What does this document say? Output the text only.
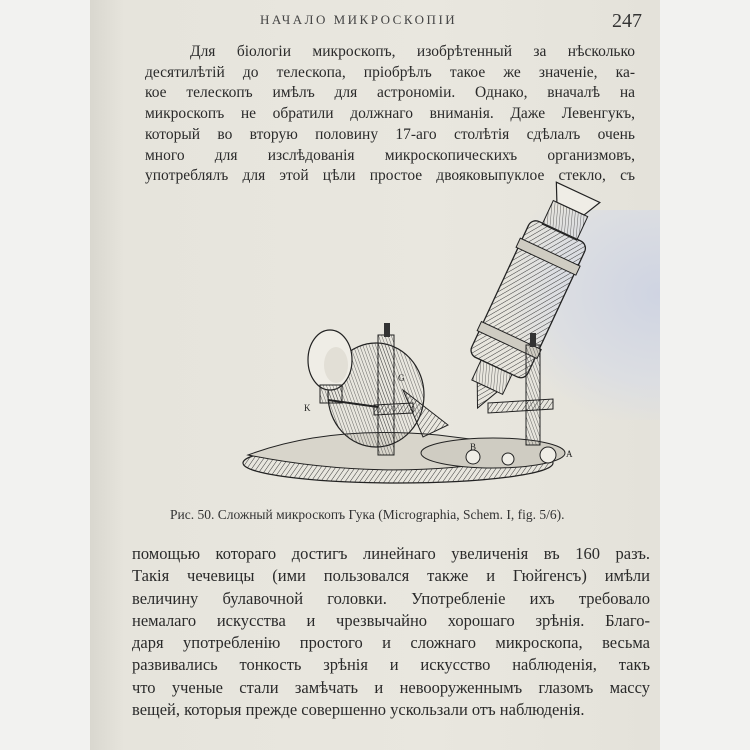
НАЧАЛО МИКРОСКОПІИ	247

Для біологіи микроскопъ, изобрѣтенный за нѣсколько
десятилѣтій до телескопа, пріобрѣлъ такое же значеніе, ка-
кое телескопъ имѣлъ для астрономіи. Однако, вначалѣ на
микроскопъ не обратили должнаго вниманія. Даже Левенгукъ,
который во вторую половину 17-аго столѣтія сдѣлалъ очень
много для изслѣдованія микроскопическихъ организмовъ,
употреблялъ для этой цѣли простое двояковыпуклое стекло, съ

K
G
B
A
Рис. 50. Сложный микроскопъ Гука (Micrographia, Schem. I, fig. 5/6).

помощью котораго достигъ линейнаго увеличенія въ 160 разъ.
Такія чечевицы (ими пользовался также и Гюйгенсъ) имѣли
величину булавочной головки. Употребленіе ихъ требовало
немалаго искусства и чрезвычайно хорошаго зрѣнія. Благо-
даря употребленію простого и сложнаго микроскопа, весьма
развивались тонкость зрѣнія и искусство наблюденія, такъ
что ученые стали замѣчать и невооруженнымъ глазомъ массу
вещей, которыя прежде совершенно ускользали отъ наблюденія.
